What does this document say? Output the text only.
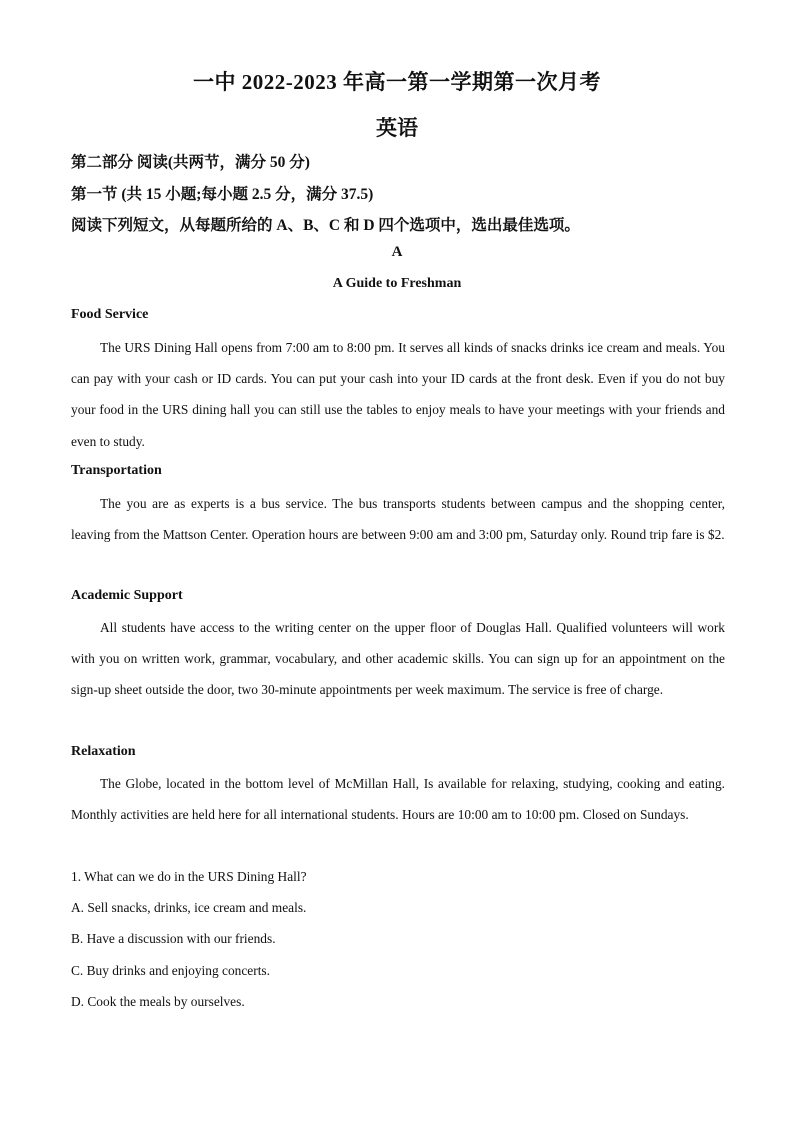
一中 2022-2023 年高一第一学期第一次月考
英语
第二部分 阅读(共两节，满分 50 分)
第一节 (共 15 小题;每小题 2.5 分，满分 37.5)
阅读下列短文，从每题所给的 A、B、C 和 D 四个选项中，选出最佳选项。
A
A Guide to Freshman
Food Service

The URS Dining Hall opens from 7:00 am to 8:00 pm. It serves all kinds of snacks drinks ice cream and meals. You can pay with your cash or ID cards. You can put your cash into your ID cards at the front desk. Even if you do not buy your food in the URS dining hall you can still use the tables to enjoy meals to have your meetings with your friends and even to study.

Transportation

The you are as experts is a bus service. The bus transports students between campus and the shopping center, leaving from the Mattson Center. Operation hours are between 9:00 am and 3:00 pm, Saturday only. Round trip fare is $2.

Academic Support

All students have access to the writing center on the upper floor of Douglas Hall. Qualified volunteers will work with you on written work, grammar, vocabulary, and other academic skills. You can sign up for an appointment on the sign-up sheet outside the door, two 30-minute appointments per week maximum. The service is free of charge.

Relaxation

The Globe, located in the bottom level of McMillan Hall, Is available for relaxing, studying, cooking and eating. Monthly activities are held here for all international students. Hours are 10:00 am to 10:00 pm. Closed on Sundays.

1. What can we do in the URS Dining Hall?
A. Sell snacks, drinks, ice cream and meals.
B. Have a discussion with our friends.
C. Buy drinks and enjoying concerts.
D. Cook the meals by ourselves.
